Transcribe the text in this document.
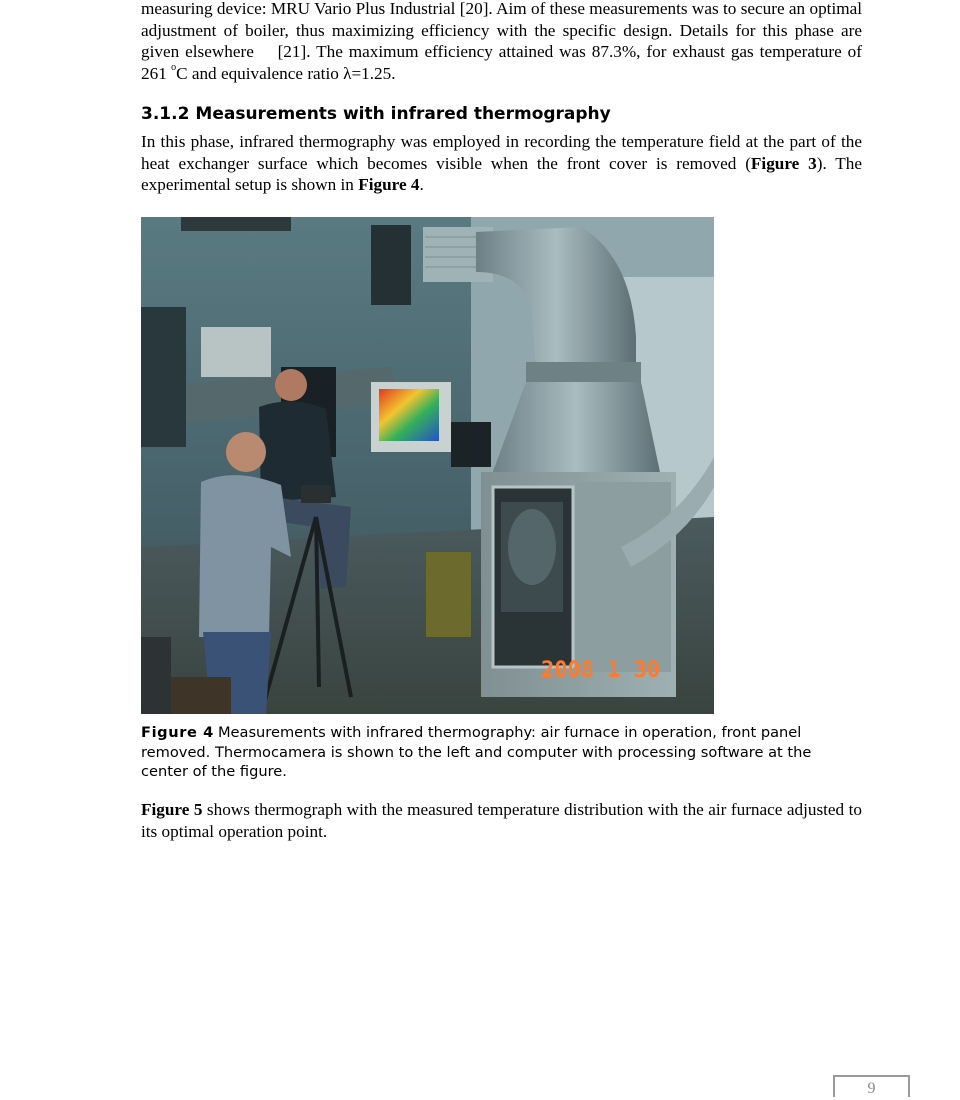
measuring device: MRU Vario Plus Industrial [20]. Aim of these measurements was to secure an optimal adjustment of boiler, thus maximizing efficiency with the specific design. Details for this phase are given elsewhere    [21]. The maximum efficiency attained was 87.3%, for exhaust gas temperature of 261 $^o$C and equivalence ratio λ=1.25.

3.1.2 Measurements with infrared thermography

In this phase, infrared thermography was employed in recording the temperature field at the part of the heat exchanger surface which becomes visible when the front cover is removed (Figure 3). The experimental setup is shown in Figure 4.

2008 1 30

Figure 4 Measurements with infrared thermography: air furnace in operation, front panel removed. Thermocamera is shown to the left and computer with processing software at the center of the figure.

Figure 5 shows thermograph with the measured temperature distribution with the air furnace adjusted to its optimal operation point.

9
